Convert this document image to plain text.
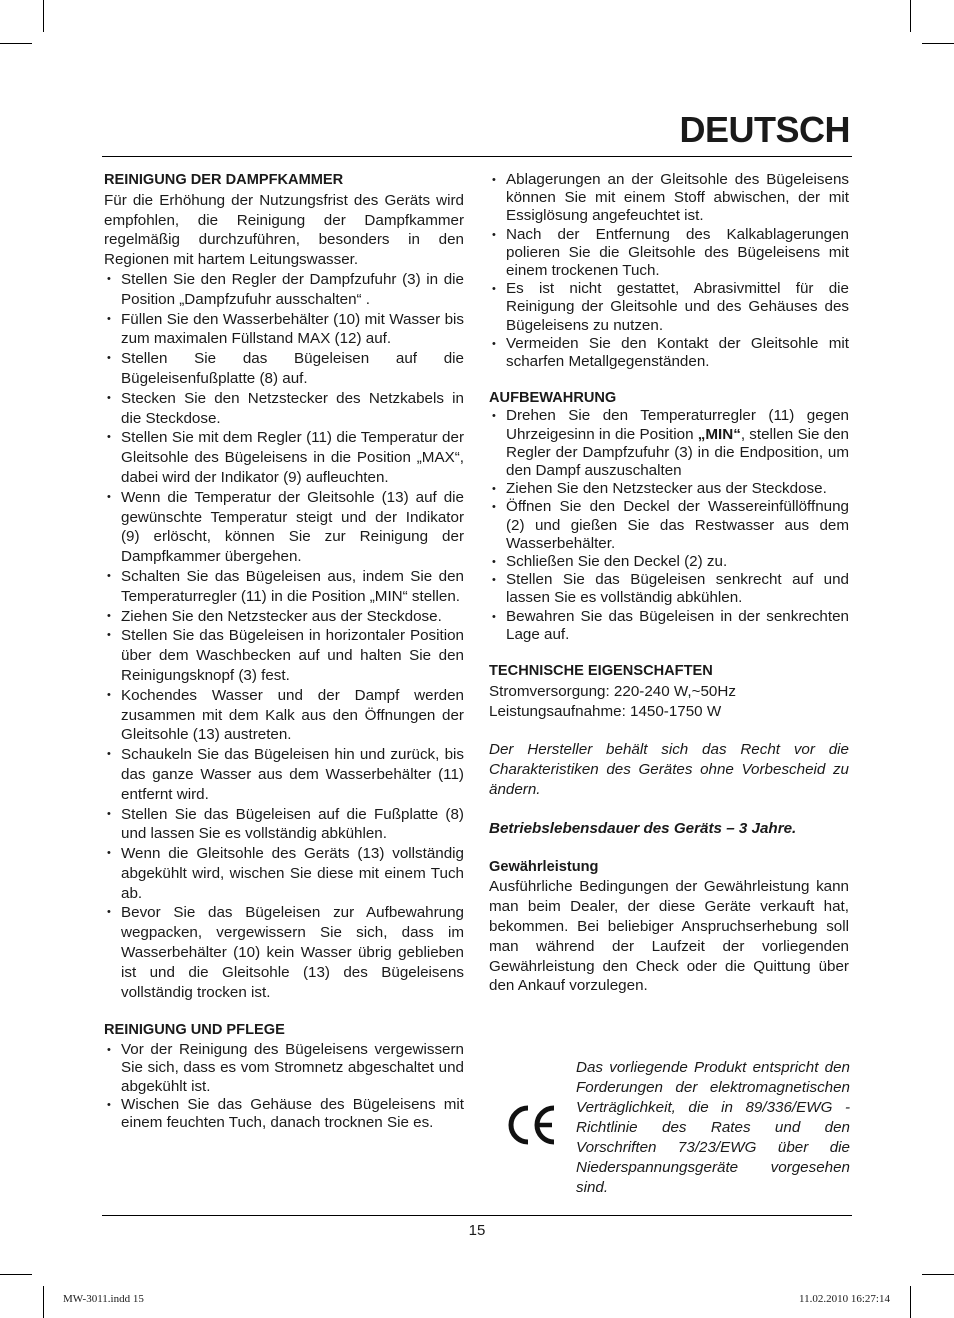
DEUTSCH

REINIGUNG DER DAMPFKAMMER

Für die Erhöhung der Nutzungsfrist des Geräts wird empfohlen, die Reinigung der Dampfkammer regelmäßig durchzuführen, besonders in den Regionen mit hartem Leitungswasser.

• Stellen Sie den Regler der Dampfzufuhr (3) in die Position „Dampfzufuhr ausschalten“ .
• Füllen Sie den Wasserbehälter (10) mit Wasser bis zum maximalen Füllstand MAX (12) auf.
• Stellen Sie das Bügeleisen auf die Bügeleisenfußplatte (8) auf.
• Stecken Sie den Netzstecker des Netzkabels in die Steckdose.
• Stellen Sie mit dem Regler (11) die Temperatur der Gleitsohle des Bügeleisens in die Position „MAX“, dabei wird der Indikator (9) aufleuchten.
• Wenn die Temperatur der Gleitsohle (13) auf die gewünschte Temperatur steigt und der Indikator (9) erlöscht, können Sie zur Reinigung der Dampfkammer übergehen.
• Schalten Sie das Bügeleisen aus, indem Sie den Temperaturregler (11) in die Position „MIN“ stellen.
• Ziehen Sie den Netzstecker aus der Steckdose.
• Stellen Sie das Bügeleisen in horizontaler Position über dem Waschbecken auf und halten Sie den Reinigungsknopf (3) fest.
• Kochendes Wasser und der Dampf werden zusammen mit dem Kalk aus den Öffnungen der Gleitsohle (13) austreten.
• Schaukeln Sie das Bügeleisen hin und zurück, bis das ganze Wasser aus dem Wasserbehälter (11) entfernt wird.
• Stellen Sie das Bügeleisen auf die Fußplatte (8) und lassen Sie es vollständig abkühlen.
• Wenn die Gleitsohle des Geräts (13) vollständig abgekühlt wird, wischen Sie diese mit einem Tuch ab.
• Bevor Sie das Bügeleisen zur Aufbewahrung wegpacken, vergewissern Sie sich, dass im Wasserbehälter (10) kein Wasser übrig geblieben ist und die Gleitsohle (13) des Bügeleisens vollständig trocken ist.

REINIGUNG UND PFLEGE

• Vor der Reinigung des Bügeleisens vergewissern Sie sich, dass es vom Stromnetz abgeschaltet und abgekühlt ist.
• Wischen Sie das Gehäuse des Bügeleisens mit einem feuchten Tuch, danach trocknen Sie es.
• Ablagerungen an der Gleitsohle des Bügeleisens können Sie mit einem Stoff abwischen, der mit Essiglösung angefeuchtet ist.
• Nach der Entfernung des Kalkablagerungen polieren Sie die Gleitsohle des Bügeleisens mit einem trockenen Tuch.
• Es ist nicht gestattet, Abrasivmittel für die Reinigung der Gleitsohle und des Gehäuses des Bügeleisens zu nutzen.
• Vermeiden Sie den Kontakt der Gleitsohle mit scharfen Metallgegenständen.

AUFBEWAHRUNG

• Drehen Sie den Temperaturregler (11) gegen Uhrzeigesinn in die Position „MIN“, stellen Sie den Regler der Dampfzufuhr (3) in die Endposition, um den Dampf auszuschalten
• Ziehen Sie den Netzstecker aus der Steckdose.
• Öffnen Sie den Deckel der Wassereinfüllöffnung (2) und gießen Sie das Restwasser aus dem Wasserbehälter.
• Schließen Sie den Deckel (2) zu.
• Stellen Sie das Bügeleisen senkrecht auf und lassen Sie es vollständig abkühlen.
• Bewahren Sie das Bügeleisen in der senkrechten Lage auf.

TECHNISCHE EIGENSCHAFTEN

Stromversorgung: 220-240 W,~50Hz

Leistungsaufnahme: 1450-1750 W

Der Hersteller behält sich das Recht vor die Charakteristiken des Gerätes ohne Vorbescheid zu ändern.

Betriebslebensdauer des Geräts – 3 Jahre.

Gewährleistung

Ausführliche Bedingungen der Gewährleistung kann man beim Dealer, der diese Geräte verkauft hat, bekommen. Bei beliebiger Anspruchserhebung soll man während der Laufzeit der vorliegenden Gewährleistung den Check oder die Quittung über den Ankauf vorzulegen.

Das vorliegende Produkt entspricht den Forderungen der elektromagnetischen Verträglichkeit, die in 89/336/EWG -Richtlinie des Rates und den Vorschriften 73/23/EWG über die Niederspannungsgeräte vorgesehen sind.

15

MW-3011.indd 15	11.02.2010 16:27:14
